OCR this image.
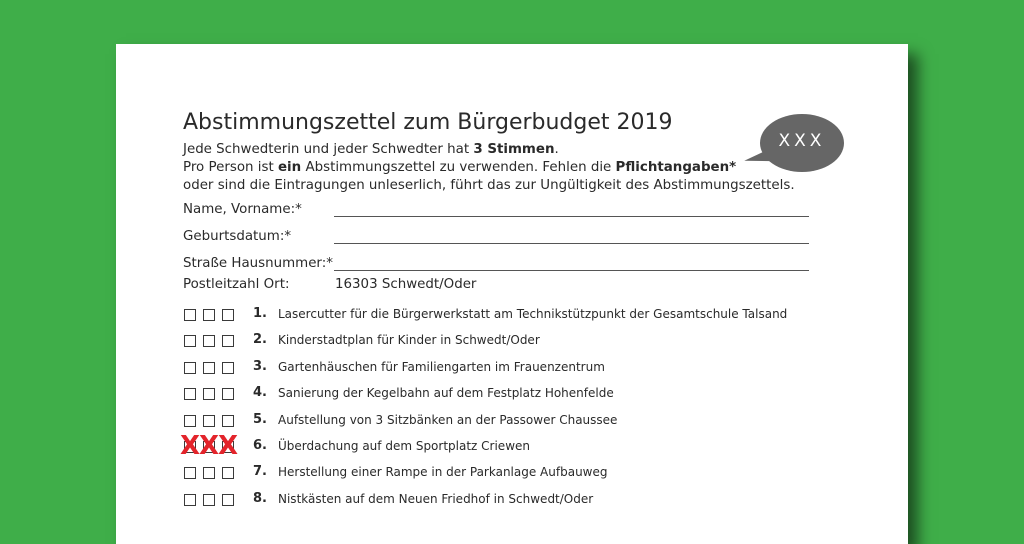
Abstimmungszettel zum Bürgerbudget 2019
Jede Schwedterin und jeder Schwedter hat 3 Stimmen.
Pro Person ist ein Abstimmungszettel zu verwenden. Fehlen die Pflichtangaben*
oder sind die Eintragungen unleserlich, führt das zur Ungültigkeit des Abstimmungszettels.
XXX
Name, Vorname:*
Geburtsdatum:*
Straße Hausnummer:*
Postleitzahl Ort:	16303 Schwedt/Oder
1. Lasercutter für die Bürgerwerkstatt am Technikstützpunkt der Gesamtschule Talsand
2. Kinderstadtplan für Kinder in Schwedt/Oder
3. Gartenhäuschen für Familiengarten im Frauenzentrum
4. Sanierung der Kegelbahn auf dem Festplatz Hohenfelde
5. Aufstellung von 3 Sitzbänken an der Passower Chaussee
X
X
X 6. Überdachung auf dem Sportplatz Criewen
7. Herstellung einer Rampe in der Parkanlage Aufbauweg
8. Nistkästen auf dem Neuen Friedhof in Schwedt/Oder
